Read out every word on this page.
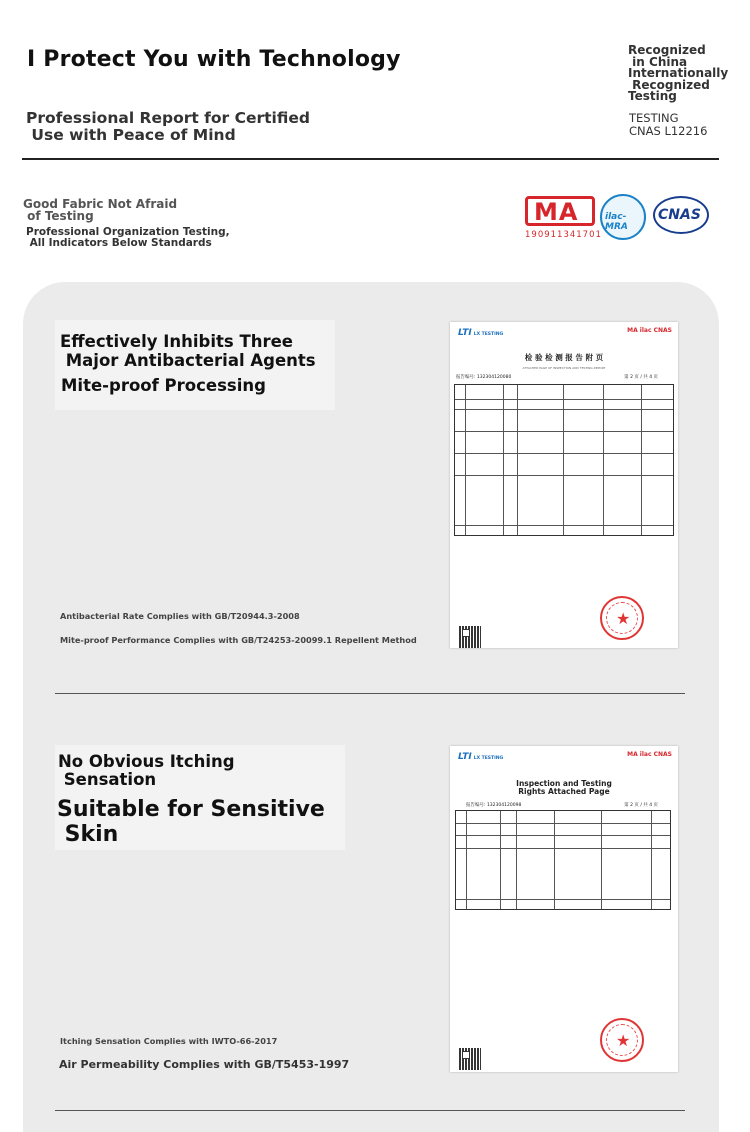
I Protect You with Technology
Professional Report for Certified
Use with Peace of Mind
Recognized
in China
Internationally
Recognized
Testing
TESTING
CNAS L12216
Good Fabric Not Afraid
of Testing
Professional Organization Testing,
All Indicators Below Standards
MA
190911341701
ilac-MRA
CNAS
Effectively Inhibits Three
Major Antibacterial Agents
Mite-proof Processing
Antibacterial Rate Complies with GB/T20944.3-2008
Mite-proof Performance Complies with GB/T24253-20099.1 Repellent Method
LTI LX TESTING
MA ilac CNAS
检 验 检 测 报 告 附 页
ATTACHED PAGE OF INSPECTION AND TESTING REPORT
报告编号: 132304120080	第 2 页 / 共 4 页
★
No Obvious Itching
Sensation
Suitable for Sensitive
Skin
Itching Sensation Complies with IWTO-66-2017
Air Permeability Complies with GB/T5453-1997
LTI LX TESTING
MA ilac CNAS
Inspection and Testing
Rights Attached Page
报告编号: 132304120098	第 2 页 / 共 4 页
★
